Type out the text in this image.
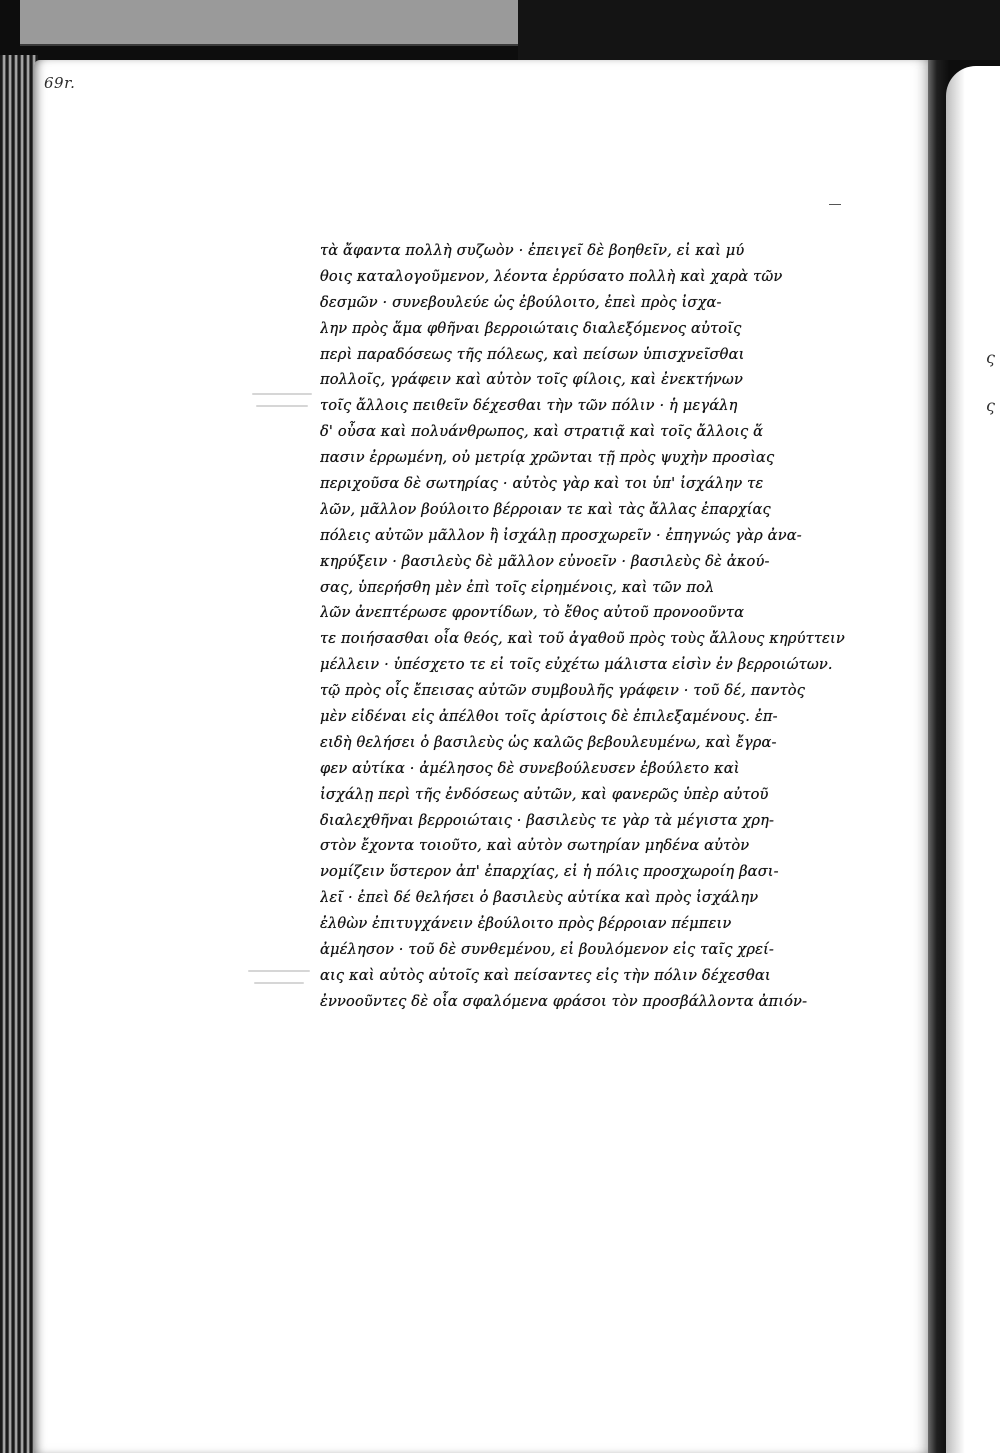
69r.
τὰ ἄφαντα πολλὴ συζωὸν · ἐπειγεῖ δὲ βοηθεῖν, εἰ καὶ μύ
θοις καταλογοῦμενον, λέοντα ἐρρύσατο πολλὴ καὶ χαρὰ τῶν
δεσμῶν · συνεβουλεύε ὡς ἐβούλοιτο, ἐπεὶ πρὸς ἰσχα-
λην πρὸς ἅμα φθῆναι βερροιώταις διαλεξόμενος αὐτοῖς
περὶ παραδόσεως τῆς πόλεως, καὶ πείσων ὑπισχνεῖσθαι
πολλοῖς, γράφειν καὶ αὐτὸν τοῖς φίλοις, καὶ ἐνεκτήνων
τοῖς ἄλλοις πειθεῖν δέχεσθαι τὴν τῶν πόλιν · ἡ μεγάλη
δ' οὖσα καὶ πολυάνθρωπος, καὶ στρατιᾷ καὶ τοῖς ἄλλοις ἅ
πασιν ἐρρωμένη, οὐ μετρίᾳ χρῶνται τῇ πρὸς ψυχὴν προσὶας
περιχοῦσα δὲ σωτηρίας · αὐτὸς γὰρ καὶ τοι ὑπ' ἰσχάλην τε
λῶν, μᾶλλον βούλοιτο βέρροιαν τε καὶ τὰς ἄλλας ἐπαρχίας
πόλεις αὐτῶν μᾶλλον ἢ ἰσχάλῃ προσχωρεῖν · ἐπηγνώς γὰρ ἀνα-
κηρύξειν · βασιλεὺς δὲ μᾶλλον εὐνοεῖν · βασιλεὺς δὲ ἀκού-
σας, ὑπερήσθη μὲν ἐπὶ τοῖς εἰρημένοις, καὶ τῶν πολ
λῶν ἀνεπτέρωσε φροντίδων, τὸ ἔθος αὐτοῦ προνοοῦντα
τε ποιήσασθαι οἷα θεός, καὶ τοῦ ἀγαθοῦ πρὸς τοὺς ἄλλους κηρύττειν
μέλλειν · ὑπέσχετο τε εἰ τοῖς εὐχέτω μάλιστα εἰσὶν ἐν βερροιώτων.
τῷ πρὸς οἷς ἔπεισας αὐτῶν συμβουλῆς γράφειν · τοῦ δέ, παντὸς
μὲν εἰδέναι εἰς ἀπέλθοι τοῖς ἀρίστοις δὲ ἐπιλεξαμένους. ἐπ-
ειδὴ θελήσει ὁ βασιλεὺς ὡς καλῶς βεβουλευμένω, καὶ ἔγρα-
φεν αὐτίκα · ἀμέλησος δὲ συνεβούλευσεν ἐβούλετο καὶ
ἰσχάλῃ περὶ τῆς ἐνδόσεως αὐτῶν, καὶ φανερῶς ὑπὲρ αὐτοῦ
διαλεχθῆναι βερροιώταις · βασιλεὺς τε γὰρ τὰ μέγιστα χρη-
στὸν ἔχοντα τοιοῦτο, καὶ αὐτὸν σωτηρίαν μηδένα αὐτὸν
νομίζειν ὕστερον ἀπ' ἐπαρχίας, εἰ ἡ πόλις προσχωροίη βασι-
λεῖ · ἐπεὶ δέ θελήσει ὁ βασιλεὺς αὐτίκα καὶ πρὸς ἰσχάλην
ἐλθὼν ἐπιτυγχάνειν ἐβούλοιτο πρὸς βέρροιαν πέμπειν
ἀμέλησον · τοῦ δὲ συνθεμένου, εἰ βουλόμενον εἰς ταῖς χρεί-
αις καὶ αὐτὸς αὐτοῖς καὶ πείσαντες εἰς τὴν πόλιν δέχεσθαι
ἐννοοῦντες δὲ οἷα σφαλόμενα φράσοι τὸν προσβάλλοντα ἀπιόν-
ς
ς
